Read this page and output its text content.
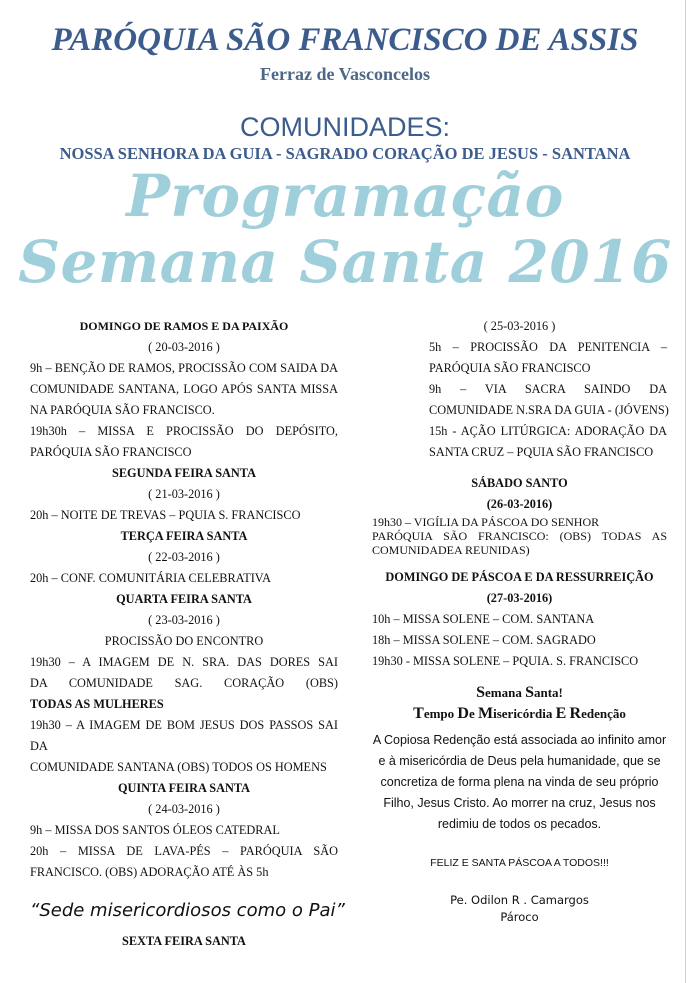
PARÓQUIA SÃO FRANCISCO DE ASSIS
Ferraz de Vasconcelos
COMUNIDADES:
NOSSA SENHORA DA GUIA - SAGRADO CORAÇÃO DE JESUS - SANTANA
Programação
Semana Santa 2016
DOMINGO DE RAMOS E DA PAIXÃO
( 20-03-2016 )
9h – BENÇÃO DE RAMOS, PROCISSÃO COM SAIDA DA
COMUNIDADE SANTANA, LOGO APÓS SANTA MISSA
NA PARÓQUIA SÃO FRANCISCO.
19h30h – MISSA E PROCISSÃO DO DEPÓSITO,
PARÓQUIA SÃO FRANCISCO
SEGUNDA FEIRA SANTA
( 21-03-2016 )
20h – NOITE DE TREVAS – PQUIA S. FRANCISCO
TERÇA FEIRA SANTA
( 22-03-2016 )
20h – CONF. COMUNITÁRIA CELEBRATIVA
QUARTA FEIRA SANTA
( 23-03-2016 )
PROCISSÃO DO ENCONTRO
19h30 – A IMAGEM DE N. SRA. DAS DORES SAI
DA COMUNIDADE SAG. CORAÇÃO (OBS)
TODAS AS MULHERES
19h30 – A IMAGEM DE BOM JESUS DOS PASSOS SAI DA
COMUNIDADE SANTANA (OBS) TODOS OS HOMENS
QUINTA FEIRA SANTA
( 24-03-2016 )
9h – MISSA DOS SANTOS ÓLEOS CATEDRAL
20h – MISSA DE LAVA-PÉS – PARÓQUIA SÃO
FRANCISCO. (OBS) ADORAÇÃO ATÉ ÀS 5h
“Sede misericordiosos como o Pai”
SEXTA FEIRA SANTA
( 25-03-2016 )
5h – PROCISSÃO DA PENITENCIA –
PARÓQUIA SÃO FRANCISCO
9h – VIA SACRA SAINDO DA
COMUNIDADE N.SRA DA GUIA - (JÓVENS)
15h - AÇÃO LITÚRGICA: ADORAÇÃO DA
SANTA CRUZ – PQUIA SÃO FRANCISCO
SÁBADO SANTO
(26-03-2016)
19h30 – VIGÍLIA DA PÁSCOA DO SENHOR
PARÓQUIA SÃO FRANCISCO: (OBS) TODAS AS
COMUNIDADEA REUNIDAS)
DOMINGO DE PÁSCOA E DA RESSURREIÇÃO
(27-03-2016)
10h – MISSA SOLENE – COM. SANTANA
18h – MISSA SOLENE – COM. SAGRADO
19h30 - MISSA SOLENE – PQUIA. S. FRANCISCO
Semana Santa!
Tempo De Misericórdia E Redenção
A Copiosa Redenção está associada ao infinito amor
e à misericórdia de Deus pela humanidade, que se
concretiza de forma plena na vinda de seu próprio
Filho, Jesus Cristo. Ao morrer na cruz, Jesus nos
redimiu de todos os pecados.
FELIZ E SANTA PÁSCOA A TODOS!!!
Pe. Odilon R . Camargos
Pároco
